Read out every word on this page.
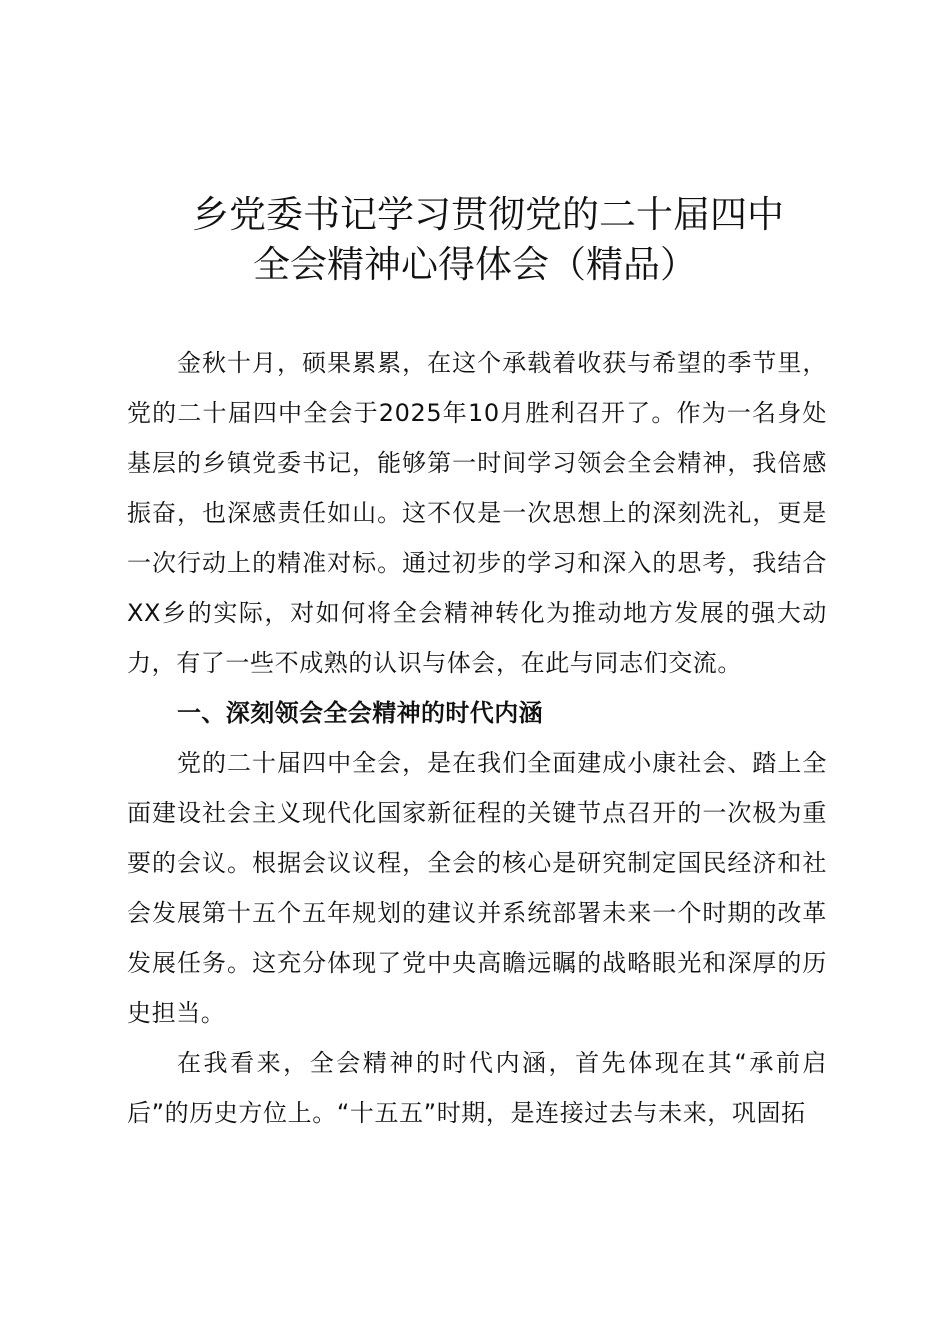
乡党委书记学习贯彻党的二十届四中
全会精神心得体会（精品）

金秋十月，硕果累累，在这个承载着收获与希望的季节里，党的二十届四中全会于2025年10月胜利召开了。作为一名身处基层的乡镇党委书记，能够第一时间学习领会全会精神，我倍感振奋，也深感责任如山。这不仅是一次思想上的深刻洗礼，更是一次行动上的精准对标。通过初步的学习和深入的思考，我结合XX乡的实际，对如何将全会精神转化为推动地方发展的强大动力，有了一些不成熟的认识与体会，在此与同志们交流。

一、深刻领会全会精神的时代内涵

党的二十届四中全会，是在我们全面建成小康社会、踏上全面建设社会主义现代化国家新征程的关键节点召开的一次极为重要的会议。根据会议议程，全会的核心是研究制定国民经济和社会发展第十五个五年规划的建议并系统部署未来一个时期的改革发展任务。这充分体现了党中央高瞻远瞩的战略眼光和深厚的历史担当。

在我看来，全会精神的时代内涵，首先体现在其“承前启后”的历史方位上。“十五五”时期，是连接过去与未来，巩固拓
